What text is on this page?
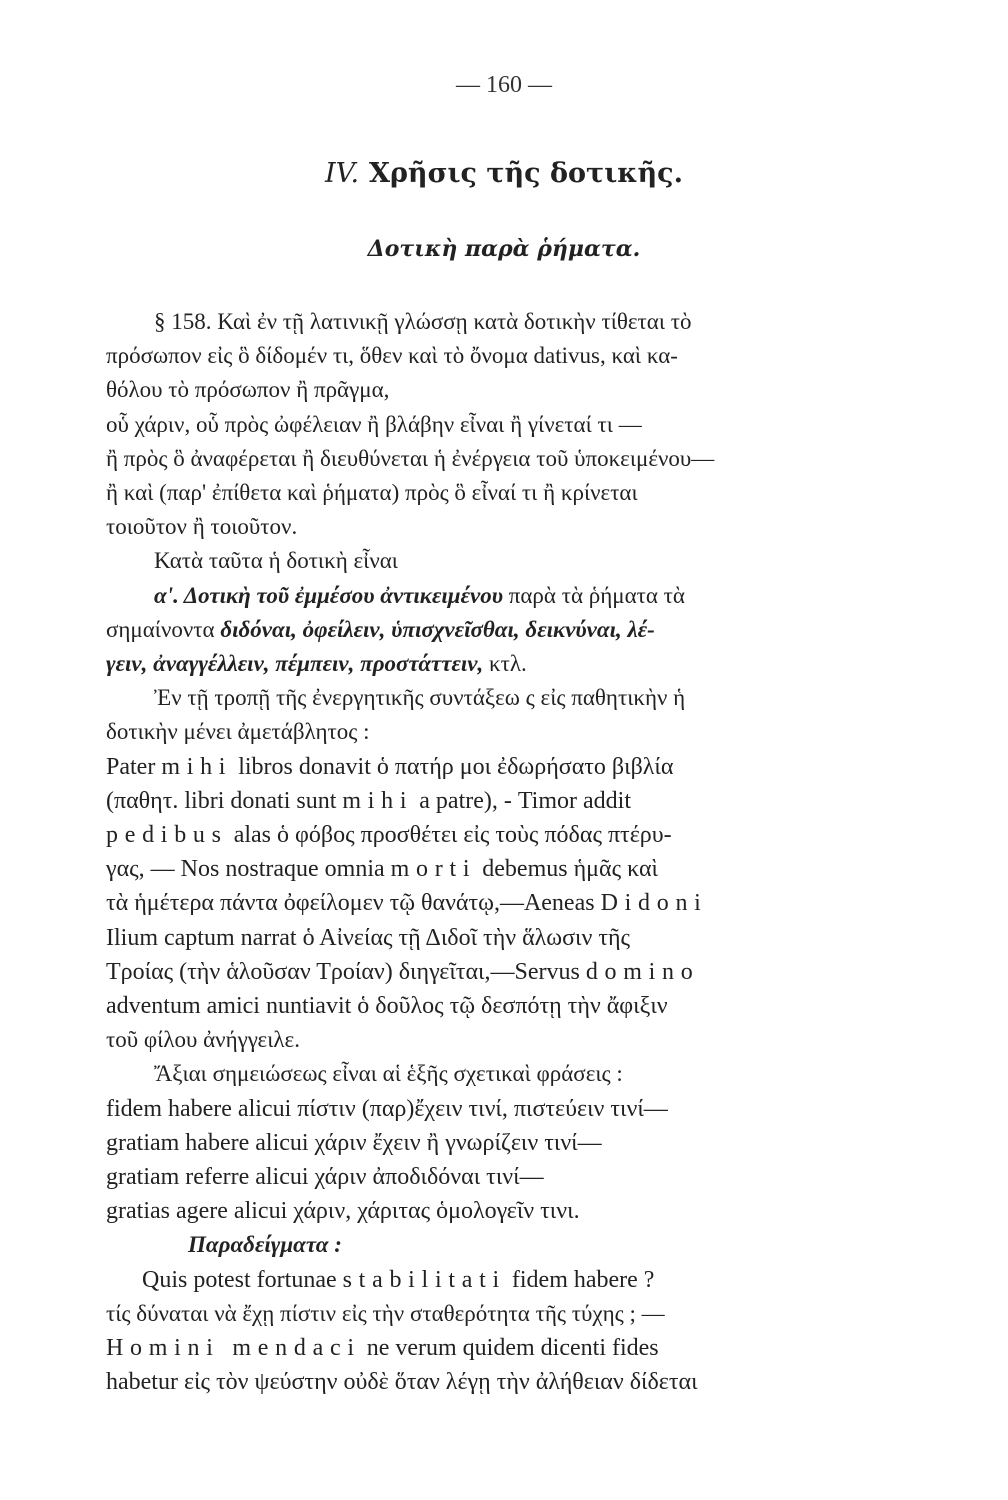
— 160 —
IV. Χρῆσις τῆς δοτικῆς.
Δοτικὴ παρὰ ῥήματα.
§ 158. Καὶ ἐν τῇ λατινικῇ γλώσσῃ κατὰ δοτικὴν τίθεται τὸ
πρόσωπον εἰς ὃ δίδομέν τι, ὅθεν καὶ τὸ ὄνομα dativus, καὶ κα-
θόλου τὸ πρόσωπον ἢ πρᾶγμα,
οὗ χάριν, οὗ πρὸς ὠφέλειαν ἢ βλάβην εἶναι ἢ γίνεταί τι —
ἢ πρὸς ὃ ἀναφέρεται ἢ διευθύνεται ἡ ἐνέργεια τοῦ ὑποκειμένου—
ἢ καὶ (παρ' ἐπίθετα καὶ ῥήματα) πρὸς ὃ εἶναί τι ἢ κρίνεται
τοιοῦτον ἢ τοιοῦτον.
Κατὰ ταῦτα ἡ δοτικὴ εἶναι
α'. Δοτικὴ τοῦ ἐμμέσου ἀντικειμένου παρὰ τὰ ῥήματα τὰ
σημαίνοντα διδόναι, ὀφείλειν, ὑπισχνεῖσθαι, δεικνύναι, λέ-
γειν, ἀναγγέλλειν, πέμπειν, προστάττειν, κτλ.
Ἐν τῇ τροπῇ τῆς ἐνεργητικῆς συντάξεω ς εἰς παθητικὴν ἡ
δοτικὴν μένει ἀμετάβλητος :
Pater mihi libros donavit ὁ πατήρ μοι ἐδωρήσατο βιβλία
(παθητ. libri donati sunt mihi a patre), - Timor addit
pedibus alas ὁ φόβος προσθέτει εἰς τοὺς πόδας πτέρυ-
γας, — Nos nostraque omnia morti debemus ἡμᾶς καὶ
τὰ ἡμέτερα πάντα ὀφείλομεν τῷ θανάτῳ,—Aeneas Didoni
Ilium captum narrat ὁ Αἰνείας τῇ Διδοῖ τὴν ἅλωσιν τῆς
Τροίας (τὴν ἁλοῦσαν Τροίαν) διηγεῖται,—Servus domino
adventum amici nuntiavit ὁ δοῦλος τῷ δεσπότῃ τὴν ἄφιξιν
τοῦ φίλου ἀνήγγειλε.
Ἄξιαι σημειώσεως εἶναι αἱ ἑξῆς σχετικαὶ φράσεις :
fidem habere alicui πίστιν (παρ)ἔχειν τινί, πιστεύειν τινί—
gratiam habere alicui χάριν ἔχειν ἢ γνωρίζειν τινί—
gratiam referre alicui χάριν ἀποδιδόναι τινί—
gratias agere alicui χάριν, χάριτας ὁμολογεῖν τινι.
Παραδείγματα :
Quis potest fortunae stabilitati fidem habere ?
τίς δύναται νὰ ἔχῃ πίστιν εἰς τὴν σταθερότητα τῆς τύχης ; —
Homini mendaci ne verum quidem dicenti fides
habetur εἰς τὸν ψεύστην οὐδὲ ὅταν λέγῃ τὴν ἀλήθειαν δίδεται
